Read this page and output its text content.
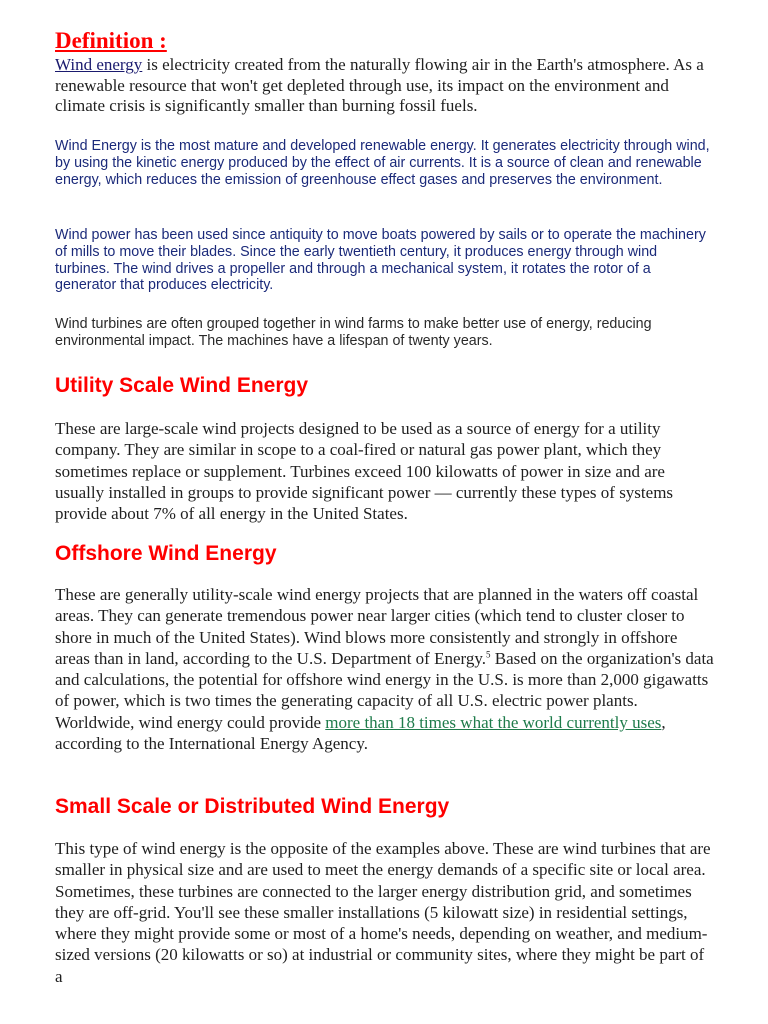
Definition :

Wind energy is electricity created from the naturally flowing air in the Earth's atmosphere. As a renewable resource that won't get depleted through use, its impact on the environment and climate crisis is significantly smaller than burning fossil fuels.

Wind Energy is the most mature and developed renewable energy. It generates electricity through wind, by using the kinetic energy produced by the effect of air currents. It is a source of clean and renewable energy, which reduces the emission of greenhouse effect gases and preserves the environment.

Wind power has been used since antiquity to move boats powered by sails or to operate the machinery of mills to move their blades. Since the early twentieth century, it produces energy through wind turbines. The wind drives a propeller and through a mechanical system, it rotates the rotor of a generator that produces electricity.

Wind turbines are often grouped together in wind farms to make better use of energy, reducing environmental impact. The machines have a lifespan of twenty years.

Utility Scale Wind Energy

These are large-scale wind projects designed to be used as a source of energy for a utility company. They are similar in scope to a coal-fired or natural gas power plant, which they sometimes replace or supplement. Turbines exceed 100 kilowatts of power in size and are usually installed in groups to provide significant power — currently these types of systems provide about 7% of all energy in the United States.

Offshore Wind Energy

These are generally utility-scale wind energy projects that are planned in the waters off coastal areas. They can generate tremendous power near larger cities (which tend to cluster closer to shore in much of the United States). Wind blows more consistently and strongly in offshore areas than in land, according to the U.S. Department of Energy.$^5$ Based on the organization's data and calculations, the potential for offshore wind energy in the U.S. is more than 2,000 gigawatts of power, which is two times the generating capacity of all U.S. electric power plants. Worldwide, wind energy could provide more than 18 times what the world currently uses, according to the International Energy Agency.

Small Scale or Distributed Wind Energy

This type of wind energy is the opposite of the examples above. These are wind turbines that are smaller in physical size and are used to meet the energy demands of a specific site or local area. Sometimes, these turbines are connected to the larger energy distribution grid, and sometimes they are off-grid. You'll see these smaller installations (5 kilowatt size) in residential settings, where they might provide some or most of a home's needs, depending on weather, and medium-sized versions (20 kilowatts or so) at industrial or community sites, where they might be part of a
